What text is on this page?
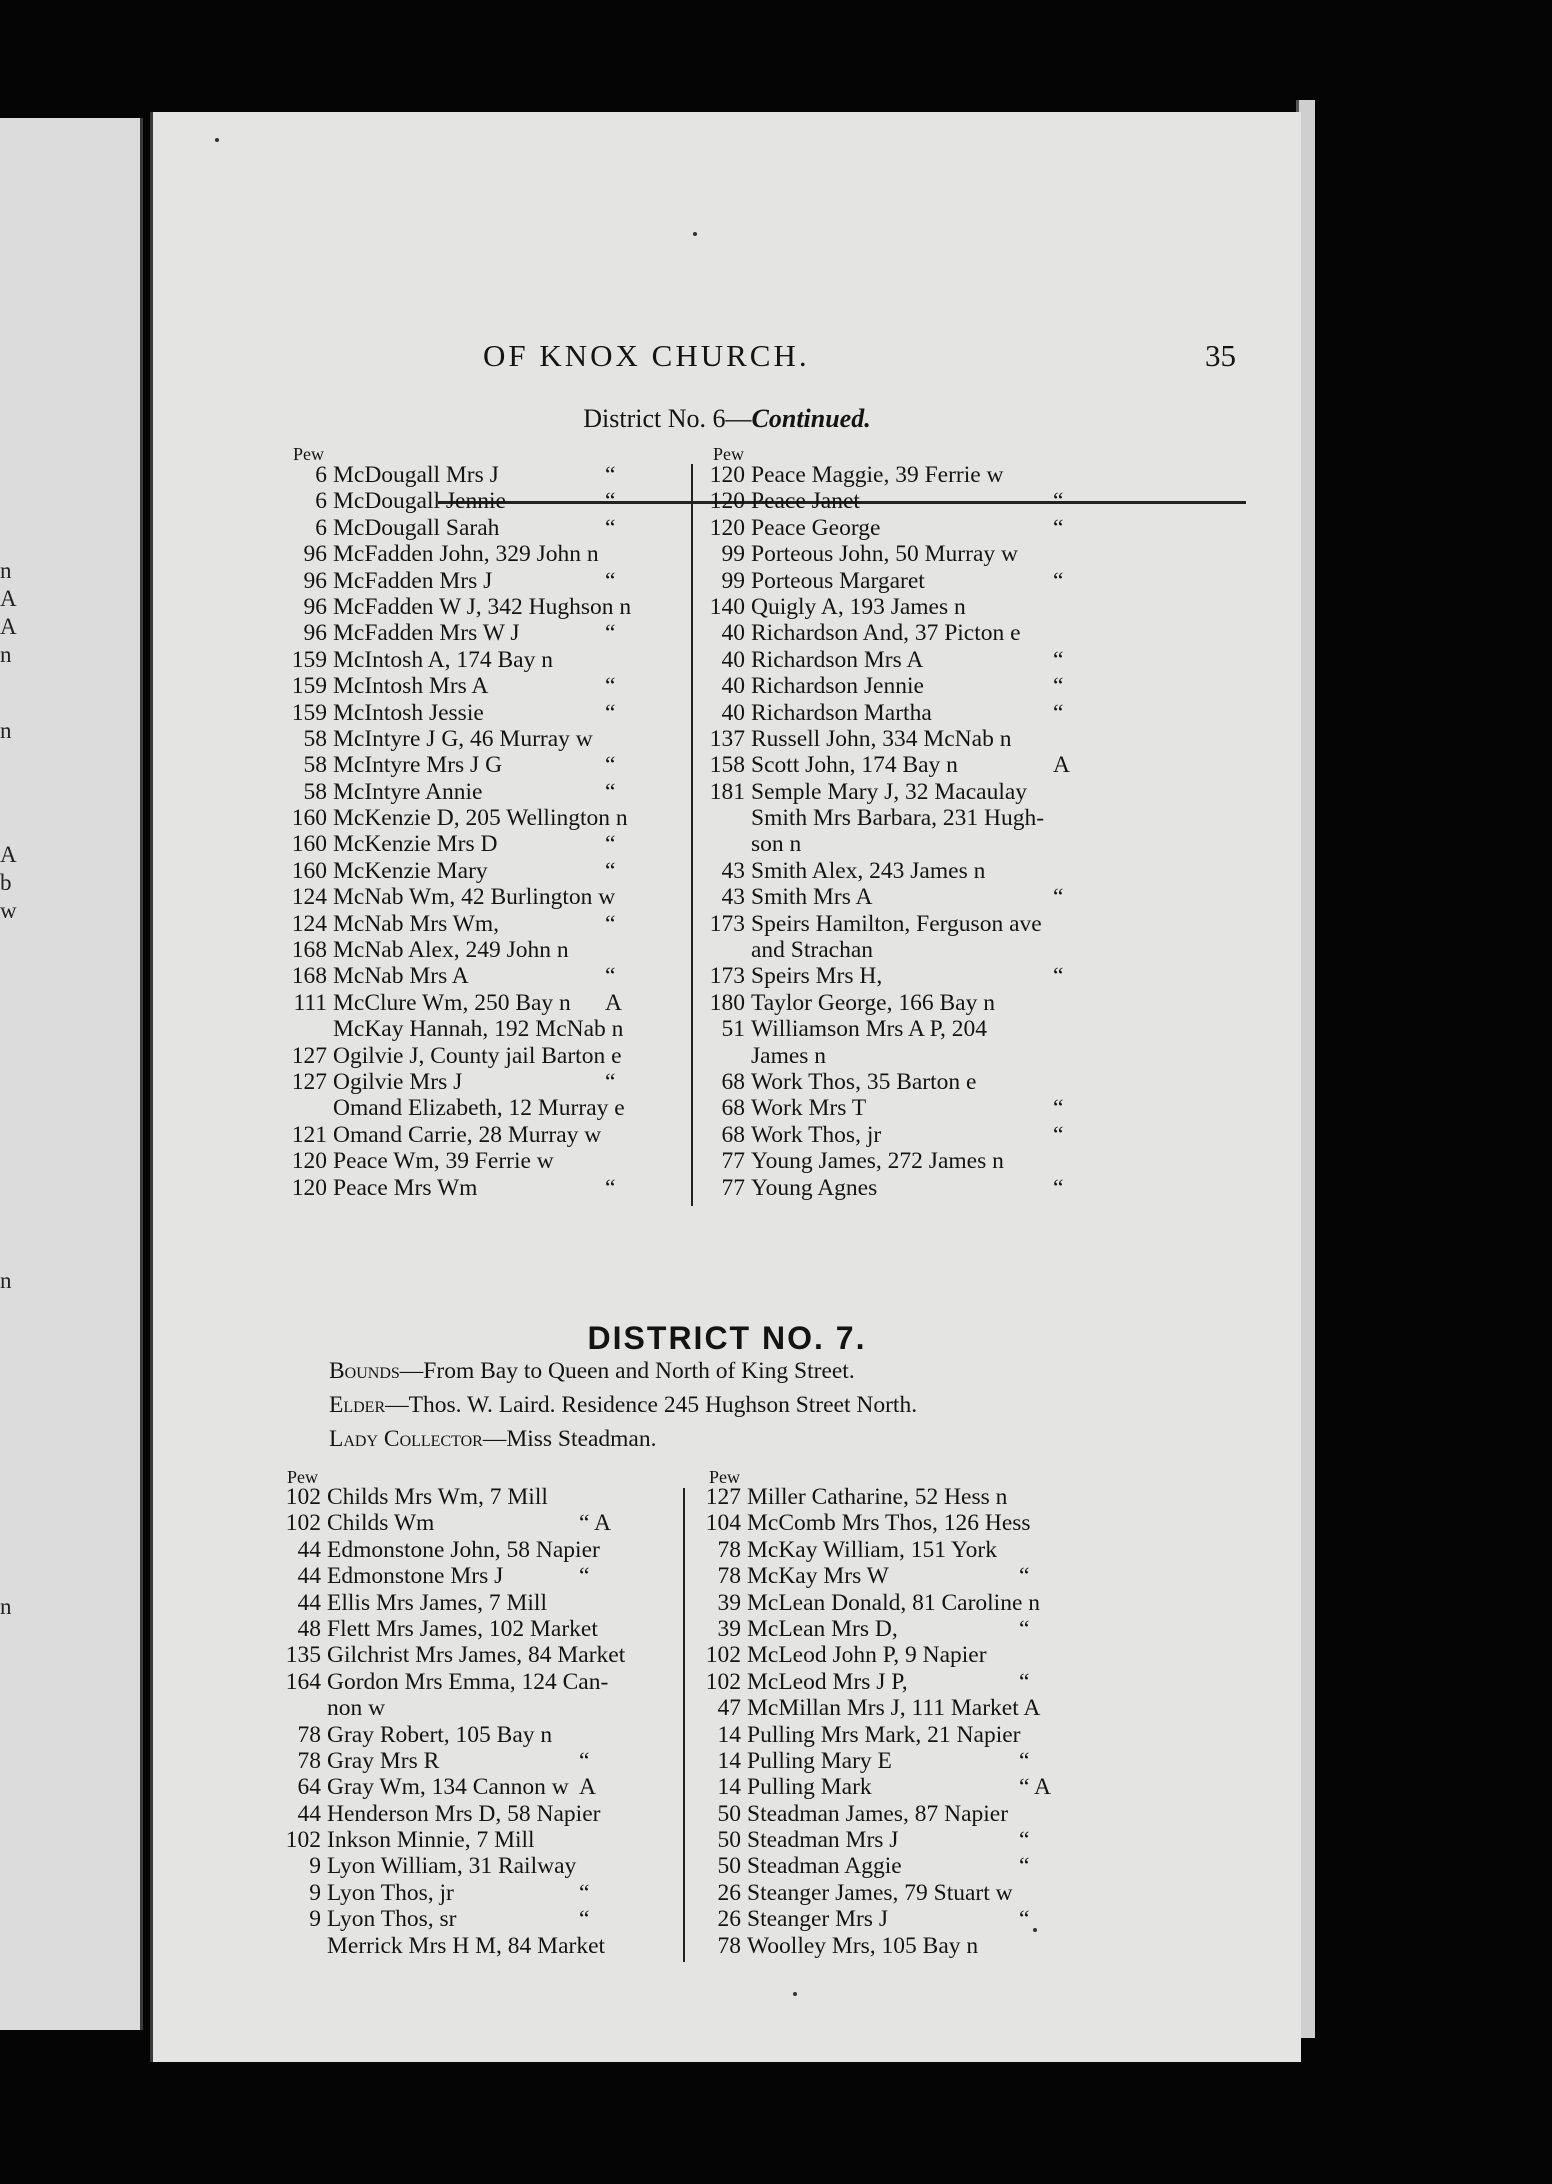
n
A
A
n
n
A
b
w
n
n
OF KNOX CHURCH.	35
District No. 6—Continued.
Pew	Pew
6 McDougall Mrs J	“
6 McDougall Jennie	“
6 McDougall Sarah	“
96 McFadden John, 329 John n
96 McFadden Mrs J	“
96 McFadden W J, 342 Hughson n
96 McFadden Mrs W J	“
159 McIntosh A, 174 Bay n
159 McIntosh Mrs A	“
159 McIntosh Jessie	“
58 McIntyre J G, 46 Murray w
58 McIntyre Mrs J G	“
58 McIntyre Annie	“
160 McKenzie D, 205 Wellington n
160 McKenzie Mrs D	“
160 McKenzie Mary	“
124 McNab Wm, 42 Burlington w
124 McNab Mrs Wm,	“
168 McNab Alex, 249 John n
168 McNab Mrs A	“
111 McClure Wm, 250 Bay n A
McKay Hannah, 192 McNab n
127 Ogilvie J, County jail Barton e
127 Ogilvie Mrs J	“
Omand Elizabeth, 12 Murray e
121 Omand Carrie, 28 Murray w
120 Peace Wm, 39 Ferrie w
120 Peace Mrs Wm	“
120 Peace Maggie, 39 Ferrie w
120 Peace Janet	“
120 Peace George	“
99 Porteous John, 50 Murray w
99 Porteous Margaret	“
140 Quigly A, 193 James n
40 Richardson And, 37 Picton e
40 Richardson Mrs A	“
40 Richardson Jennie	“
40 Richardson Martha	“
137 Russell John, 334 McNab n
158 Scott John, 174 Bay n	A
181 Semple Mary J, 32 Macaulay
Smith Mrs Barbara, 231 Hugh-
son n
43 Smith Alex, 243 James n
43 Smith Mrs A	“
173 Speirs Hamilton, Ferguson ave
and Strachan
173 Speirs Mrs H,	“
180 Taylor George, 166 Bay n
51 Williamson Mrs A P, 204
James n
68 Work Thos, 35 Barton e
68 Work Mrs T	“
68 Work Thos, jr	“
77 Young James, 272 James n
77 Young Agnes	“
DISTRICT NO. 7.
Bounds—From Bay to Queen and North of King Street.
Elder—Thos. W. Laird. Residence 245 Hughson Street North.
Lady Collector—Miss Steadman.
Pew	Pew
102 Childs Mrs Wm, 7 Mill
102 Childs Wm	“ A
44 Edmonstone John, 58 Napier
44 Edmonstone Mrs J	“
44 Ellis Mrs James, 7 Mill
48 Flett Mrs James, 102 Market
135 Gilchrist Mrs James, 84 Market
164 Gordon Mrs Emma, 124 Can-
non w
78 Gray Robert, 105 Bay n
78 Gray Mrs R	“
64 Gray Wm, 134 Cannon w A
44 Henderson Mrs D, 58 Napier
102 Inkson Minnie, 7 Mill
9 Lyon William, 31 Railway
9 Lyon Thos, jr	“
9 Lyon Thos, sr	“
Merrick Mrs H M, 84 Market
127 Miller Catharine, 52 Hess n
104 McComb Mrs Thos, 126 Hess
78 McKay William, 151 York
78 McKay Mrs W	“
39 McLean Donald, 81 Caroline n
39 McLean Mrs D,	“
102 McLeod John P, 9 Napier
102 McLeod Mrs J P,	“
47 McMillan Mrs J, 111 Market A
14 Pulling Mrs Mark, 21 Napier
14 Pulling Mary E	“
14 Pulling Mark	“ A
50 Steadman James, 87 Napier
50 Steadman Mrs J	“
50 Steadman Aggie	“
26 Steanger James, 79 Stuart w
26 Steanger Mrs J	“
78 Woolley Mrs, 105 Bay n
